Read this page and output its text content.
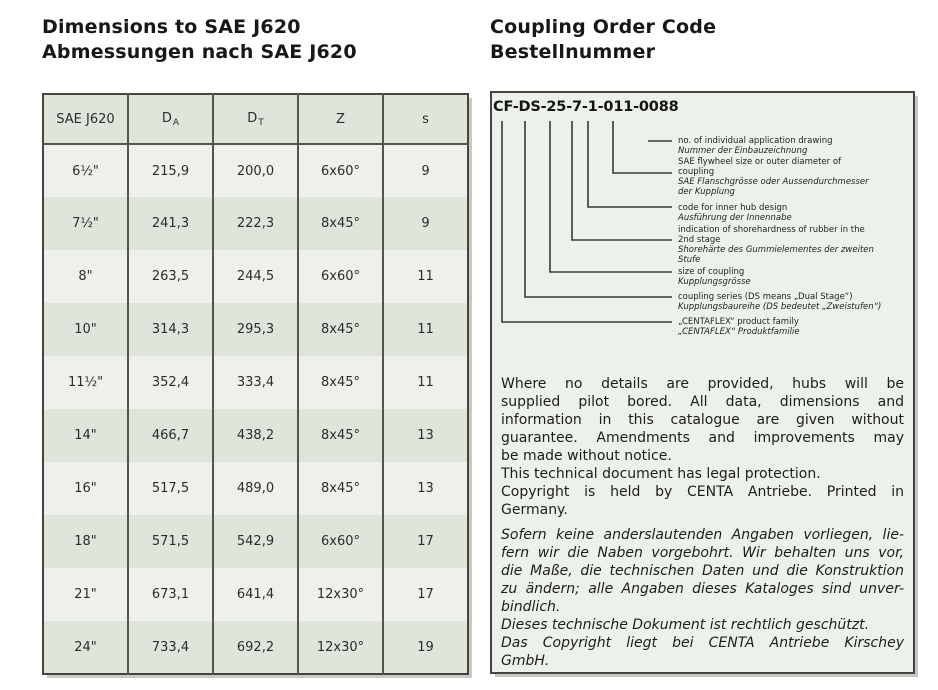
Dimensions to SAE J620
Abmessungen nach SAE J620
Coupling Order Code
Bestellnummer
SAE J620	$D_A$	$D_T$	Z	s
6½"	215,9	200,0	6x60°	9
7½"	241,3	222,3	8x45°	9
8"	263,5	244,5	6x60°	11
10"	314,3	295,3	8x45°	11
11½"	352,4	333,4	8x45°	11
14"	466,7	438,2	8x45°	13
16"	517,5	489,0	8x45°	13
18"	571,5	542,9	6x60°	17
21"	673,1	641,4	12x30°	17
24"	733,4	692,2	12x30°	19
CF-DS-25-7-1-011-0088
no. of individual application drawing
Nummer der Einbauzeichnung
SAE flywheel size or outer diameter of
coupling
SAE Flanschgrösse oder Aussendurchmesser
der Kupplung
code for inner hub design
Ausführung der Innennabe
indication of shorehardness of rubber in the
2nd stage
Shorehärte des Gummielementes der zweiten
Stufe
size of coupling
Kupplungsgrösse
coupling series (DS means „Dual Stage“)
Kupplungsbaureihe (DS bedeutet „Zweistufen“)
„CENTAFLEX“ product family
„CENTAFLEX“ Produktfamilie
Where no details are provided, hubs will be
supplied pilot bored. All data, dimensions and
information in this catalogue are given without
guarantee. Amendments and improvements may
be made without notice.
This technical document has legal protection.
Copyright is held by CENTA Antriebe. Printed in
Germany.
Sofern keine anderslautenden Angaben vorliegen, lie-
fern wir die Naben vorgebohrt. Wir behalten uns vor,
die Maße, die technischen Daten und die Konstruktion
zu ändern; alle Angaben dieses Kataloges sind unver-
bindlich.
Dieses technische Dokument ist rechtlich geschützt.
Das Copyright liegt bei CENTA Antriebe Kirschey
GmbH.
